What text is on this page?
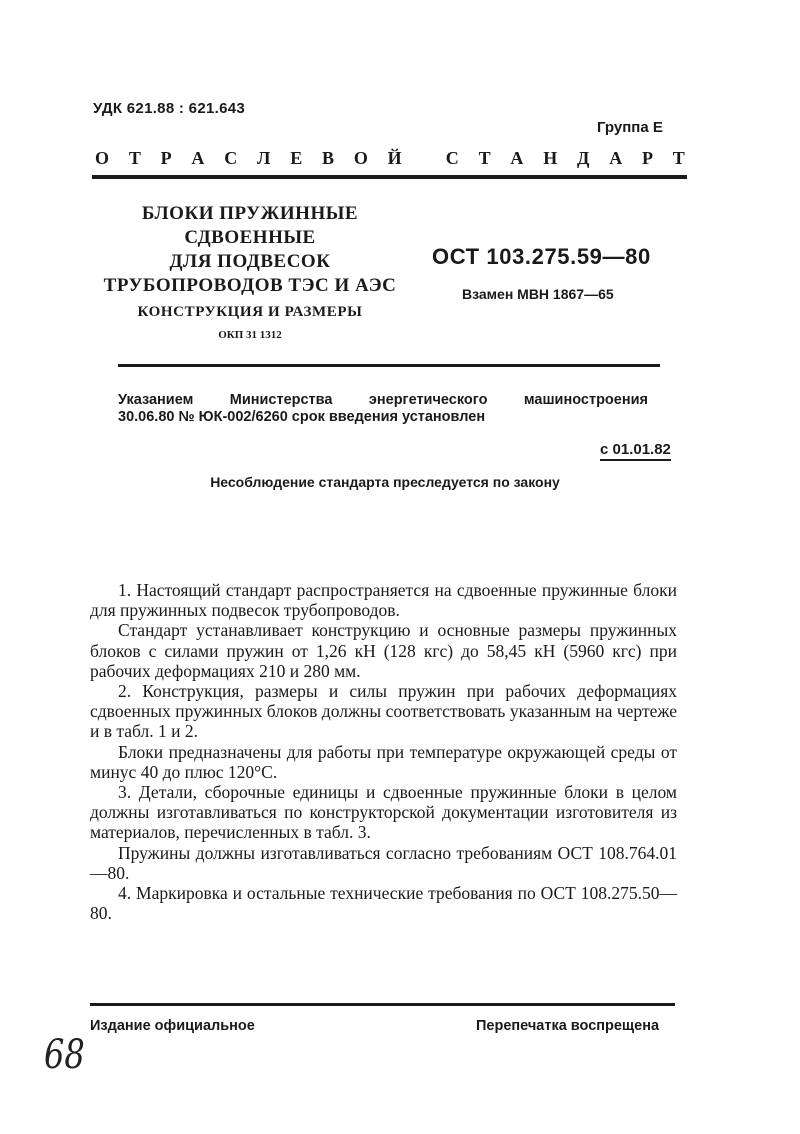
УДК 621.88 : 621.643
Группа Е
О Т Р А С Л Е В О Й
С Т А Н Д А Р Т
БЛОКИ ПРУЖИННЫЕ
СДВОЕННЫЕ
ДЛЯ ПОДВЕСОК
ТРУБОПРОВОДОВ ТЭС И АЭС
КОНСТРУКЦИЯ И РАЗМЕРЫ
ОКП 31 1312
ОСТ 103.275.59—80
Взамен МВН 1867—65
Указанием	Министерства	энергетического	машиностроения
30.06.80 № ЮК-002/6260 срок введения установлен
с 01.01.82
Несоблюдение стандарта преследуется по закону

1. Настоящий стандарт распространяется на сдвоенные пружинные блоки для пружинных подвесок трубопроводов.

Стандарт устанавливает конструкцию и основные размеры пружинных блоков с силами пружин от 1,26 кН (128 кгс) до 58,45 кН (5960 кгс) при рабочих деформациях 210 и 280 мм.

2. Конструкция, размеры и силы пружин при рабочих деформациях сдвоенных пружинных блоков должны соответствовать указанным на чертеже и в табл. 1 и 2.

Блоки предназначены для работы при температуре окружающей среды от минус 40 до плюс 120°С.

3. Детали, сборочные единицы и сдвоенные пружинные блоки в целом должны изготавливаться по конструкторской документации изготовителя из материалов, перечисленных в табл. 3.

Пружины должны изготавливаться согласно требованиям ОСТ 108.764.01—80.

4. Маркировка и остальные технические требования по ОСТ 108.275.50—80.

Издание официальное	Перепечатка воспрещена
68
